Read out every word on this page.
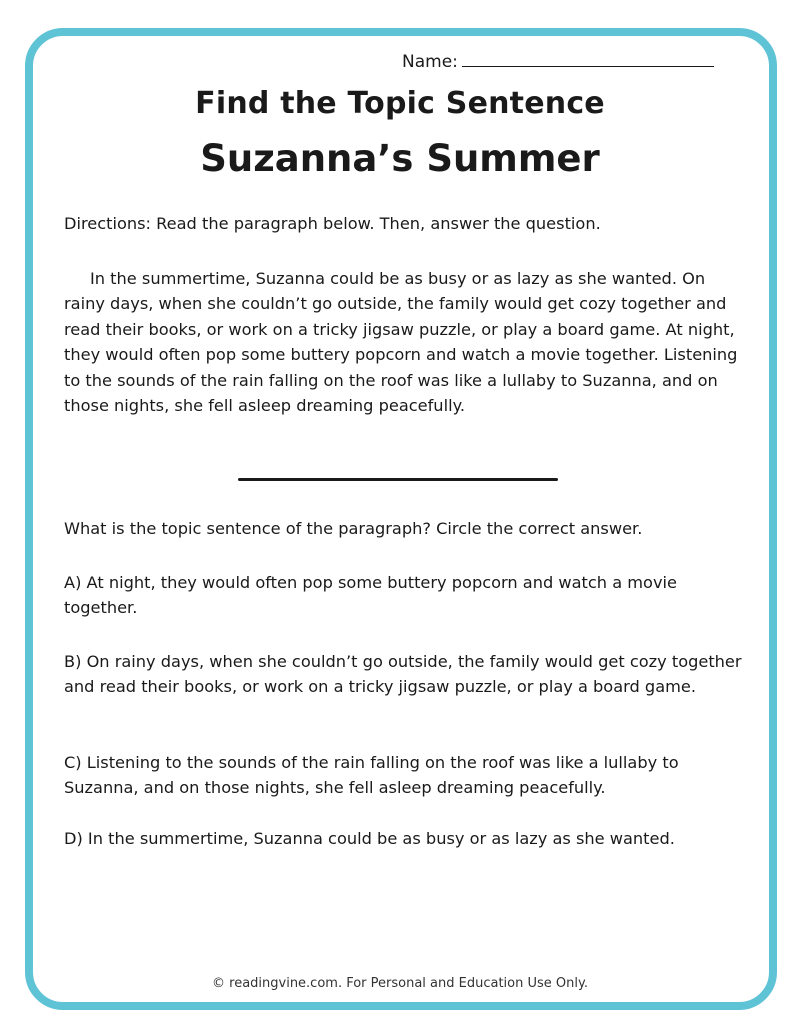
Name:
Find the Topic Sentence
Suzanna’s Summer
Directions: Read the paragraph below. Then, answer the question.
In the summertime, Suzanna could be as busy or as lazy as she wanted. On rainy days, when she couldn’t go outside, the family would get cozy together and read their books, or work on a tricky jigsaw puzzle, or play a board game. At night, they would often pop some buttery popcorn and watch a movie together. Listening to the sounds of the rain falling on the roof was like a lullaby to Suzanna, and on those nights, she fell asleep dreaming peacefully.
What is the topic sentence of the paragraph? Circle the correct answer.
A) At night, they would often pop some buttery popcorn and watch a movie together.
B) On rainy days, when she couldn’t go outside, the family would get cozy together and read their books, or work on a tricky jigsaw puzzle, or play a board game.
C) Listening to the sounds of the rain falling on the roof was like a lullaby to Suzanna, and on those nights, she fell asleep dreaming peacefully.
D) In the summertime, Suzanna could be as busy or as lazy as she wanted.
© readingvine.com. For Personal and Education Use Only.
